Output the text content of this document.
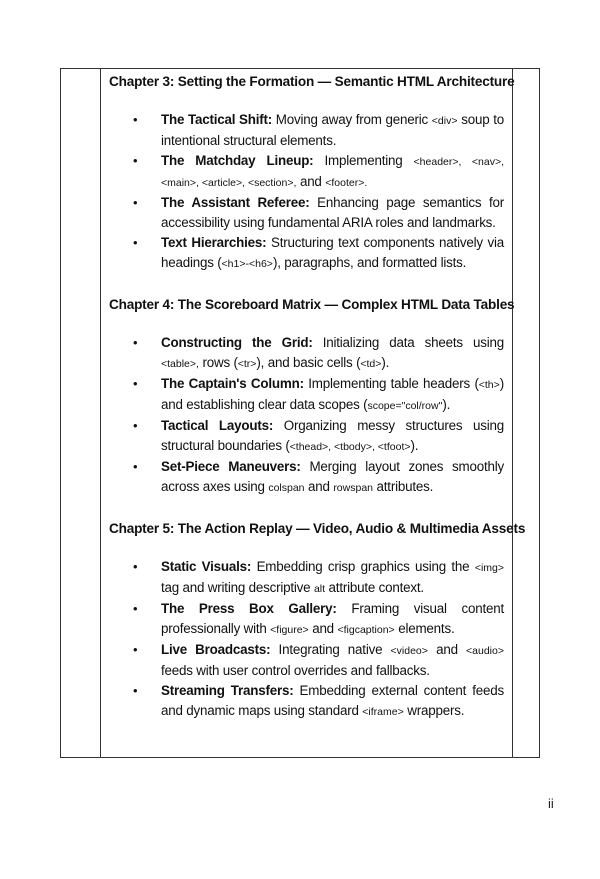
Chapter 3: Setting the Formation — Semantic HTML Architecture
• The Tactical Shift: Moving away from generic <div> soup to intentional structural elements.
• The Matchday Lineup: Implementing <header>, <nav>, <main>, <article>, <section>, and <footer>.
• The Assistant Referee: Enhancing page semantics for accessibility using fundamental ARIA roles and landmarks.
• Text Hierarchies: Structuring text components natively via headings (<h1>-<h6>), paragraphs, and formatted lists.
Chapter 4: The Scoreboard Matrix — Complex HTML Data Tables
• Constructing the Grid: Initializing data sheets using <table>, rows (<tr>), and basic cells (<td>).
• The Captain's Column: Implementing table headers (<th>) and establishing clear data scopes (scope="col/row").
• Tactical Layouts: Organizing messy structures using structural boundaries (<thead>, <tbody>, <tfoot>).
• Set-Piece Maneuvers: Merging layout zones smoothly across axes using colspan and rowspan attributes.
Chapter 5: The Action Replay — Video, Audio & Multimedia Assets
• Static Visuals: Embedding crisp graphics using the <img> tag and writing descriptive alt attribute context.
• The Press Box Gallery: Framing visual content professionally with <figure> and <figcaption> elements.
• Live Broadcasts: Integrating native <video> and <audio> feeds with user control overrides and fallbacks.
• Streaming Transfers: Embedding external content feeds and dynamic maps using standard <iframe> wrappers.
ii
